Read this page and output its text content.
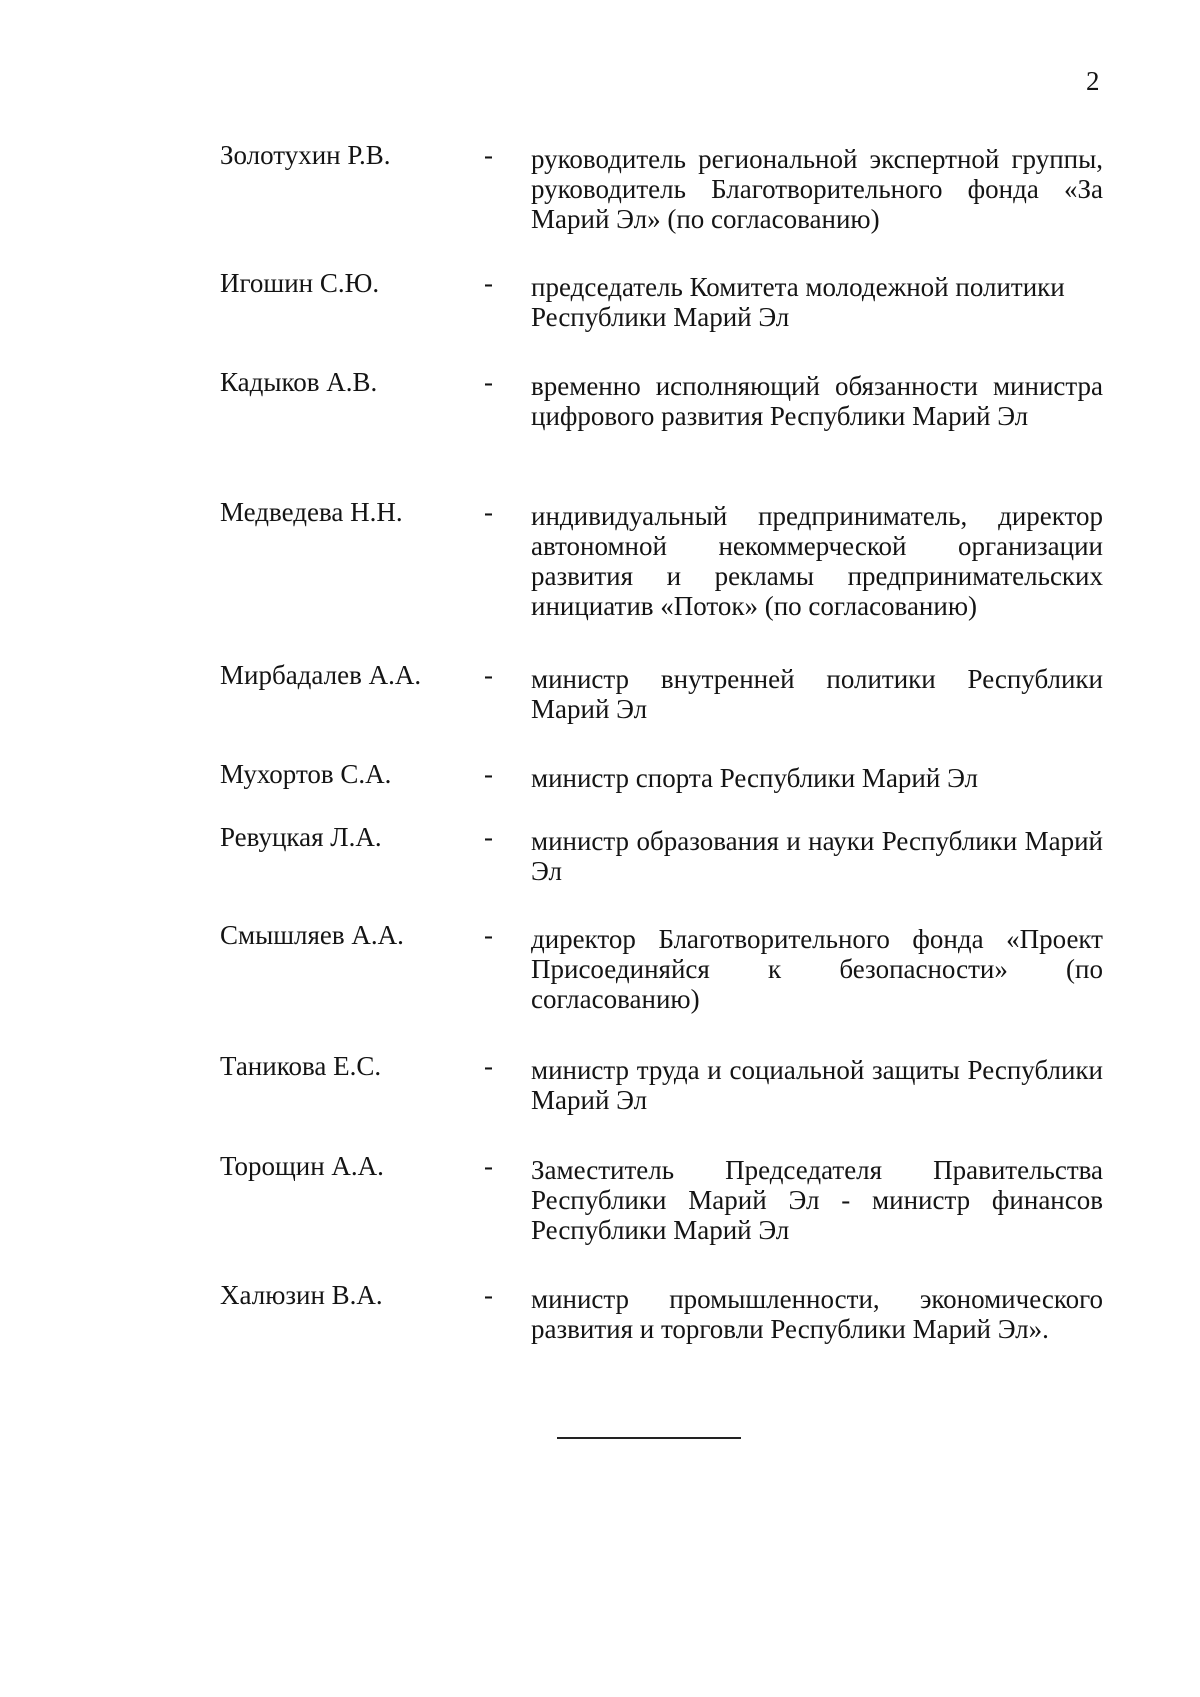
2
Золотухин Р.В.	- руководитель региональной экспертной группы, руководитель Благотворительного фонда «За Марий Эл» (по согласованию)
Игошин С.Ю.	- председатель Комитета молодежной политики Республики Марий Эл
Кадыков А.В.	- временно исполняющий обязанности министра цифрового развития Республики Марий Эл
Медведева Н.Н.	- индивидуальный предприниматель, директор автономной некоммерческой организации развития и рекламы предпринимательских инициатив «Поток» (по согласованию)
Мирбадалев А.А. - министр внутренней политики Республики Марий Эл
Мухортов С.А.	- министр спорта Республики Марий Эл
Ревуцкая Л.А.	- министр образования и науки Республики Марий Эл
Смышляев А.А.	- директор Благотворительного фонда «Проект Присоединяйся к безопасности» (по согласованию)
Таникова Е.С.	- министр труда и социальной защиты Республики Марий Эл
Торощин А.А.	- Заместитель Председателя Правительства Республики Марий Эл - министр финансов Республики Марий Эл
Халюзин В.А.	- министр промышленности, экономического развития и торговли Республики Марий Эл».
